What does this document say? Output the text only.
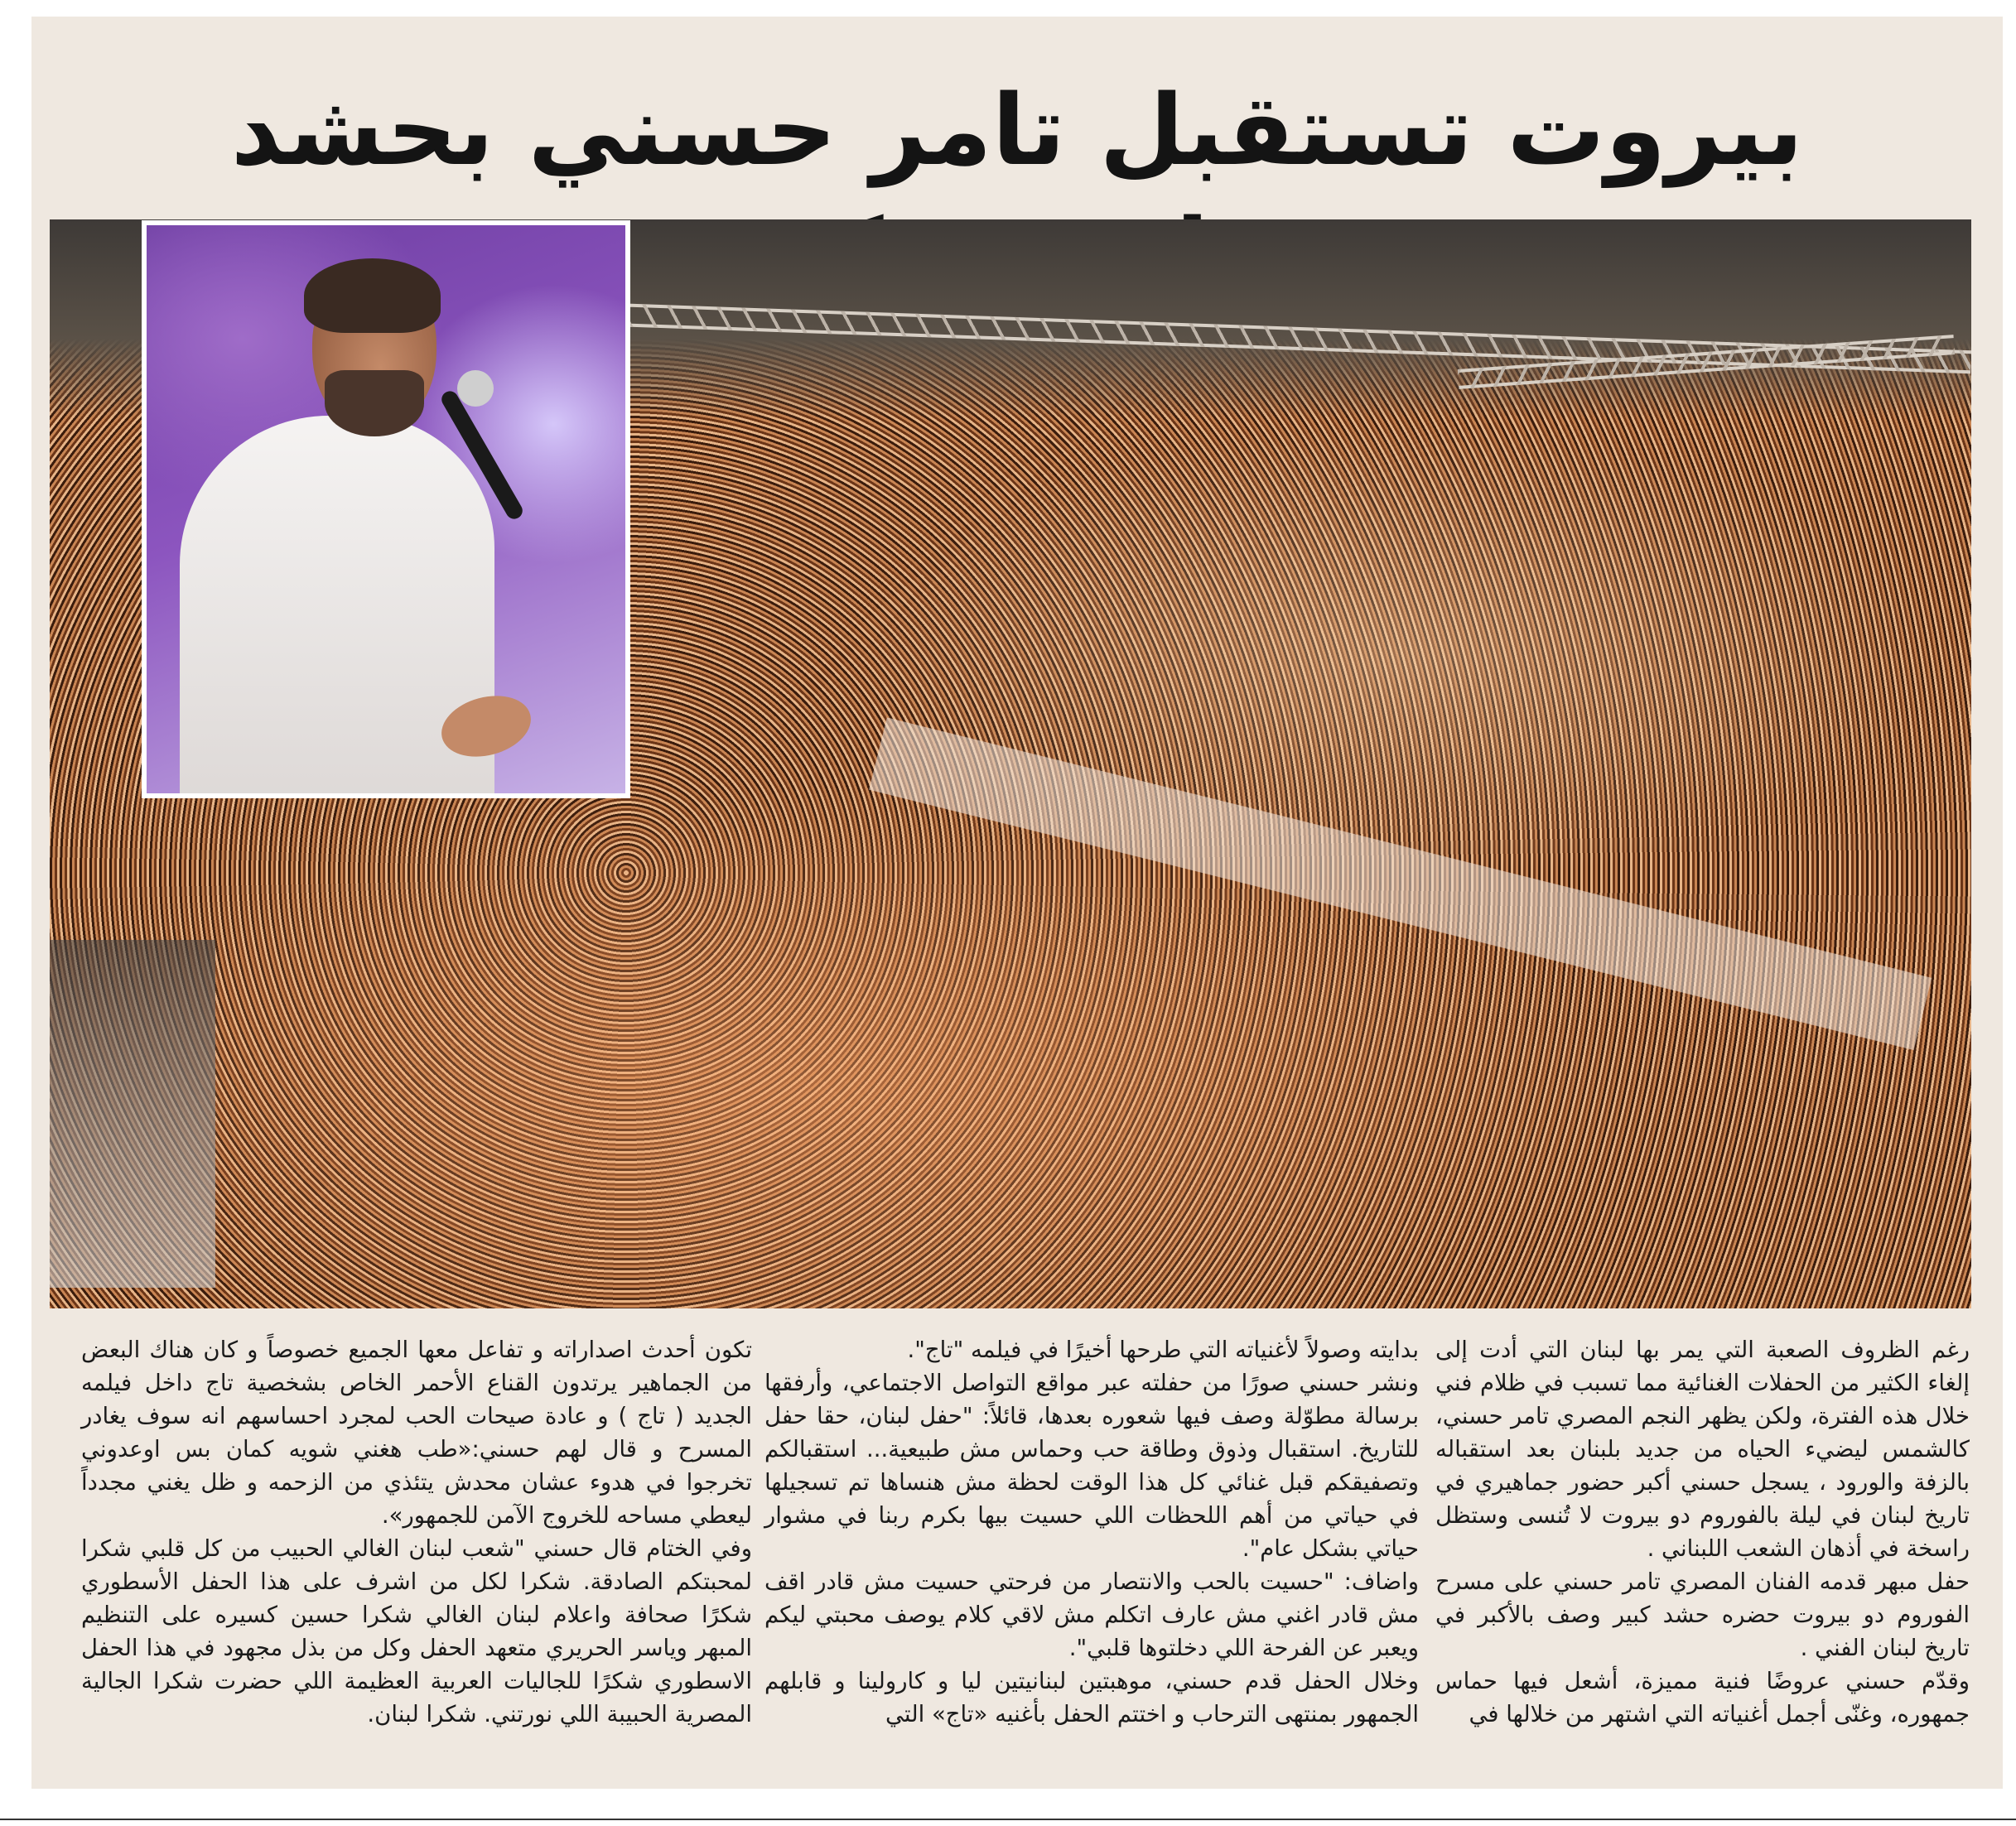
بيروت تستقبل تامر حسني بحشد

رغم الظروف الصعبة التي يمر بها لبنان التي أدت إلى إلغاء الكثير من الحفلات الغنائية مما تسبب في ظلام فني خلال هذه الفترة، ولكن يظهر النجم المصري تامر حسني، كالشمس ليضيء الحياه من جديد بلبنان بعد استقباله بالزفة والورود ، يسجل حسني أكبر حضور جماهيري في تاريخ لبنان في ليلة بالفوروم دو بيروت لا تُنسى وستظل راسخة في أذهان الشعب اللبناني .

حفل مبهر قدمه الفنان المصري تامر حسني على مسرح الفوروم دو بيروت حضره حشد كبير وصف بالأكبر في تاريخ لبنان الفني .

وقدّم حسني عروضًا فنية مميزة، أشعل فيها حماس جمهوره، وغنّى أجمل أغنياته التي اشتهر من خلالها في

بدايته وصولاً لأغنياته التي طرحها أخيرًا في فيلمه "تاج".

ونشر حسني صورًا من حفلته عبر مواقع التواصل الاجتماعي، وأرفقها برسالة مطوّلة وصف فيها شعوره بعدها، قائلاً: "حفل لبنان، حقا حفل للتاريخ. استقبال وذوق وطاقة حب وحماس مش طبيعية... استقبالكم وتصفيقكم قبل غنائي كل هذا الوقت لحظة مش هنساها تم تسجيلها في حياتي من أهم اللحظات اللي حسيت بيها بكرم ربنا في مشوار حياتي بشكل عام".

واضاف: "حسيت بالحب والانتصار من فرحتي حسيت مش قادر اقف مش قادر اغني مش عارف اتكلم مش لاقي كلام يوصف محبتي ليكم ويعبر عن الفرحة اللي دخلتوها قلبي".

وخلال الحفل قدم حسني، موهبتين لبنانيتين ليا و كارولينا و قابلهم الجمهور بمنتهى الترحاب و اختتم الحفل بأغنيه «تاج» التي

تكون أحدث اصداراته و تفاعل معها الجميع خصوصاً و كان هناك البعض من الجماهير يرتدون القناع الأحمر الخاص بشخصية تاج داخل فيلمه الجديد ( تاج ) و عادة صيحات الحب لمجرد احساسهم انه سوف يغادر المسرح و قال لهم حسني:«طب هغني شويه كمان بس اوعدوني تخرجوا في هدوء عشان محدش يتئذي من الزحمه و ظل يغني مجدداً ليعطي مساحه للخروج الآمن للجمهور».

وفي الختام قال حسني "شعب لبنان الغالي الحبيب من كل قلبي شكرا لمحبتكم الصادقة. شكرا لكل من اشرف على هذا الحفل الأسطوري شكرًا صحافة واعلام لبنان الغالي شكرا حسين كسيره على التنظيم المبهر وياسر الحريري متعهد الحفل وكل من بذل مجهود في هذا الحفل الاسطوري شكرًا للجاليات العربية العظيمة اللي حضرت شكرا الجالية المصرية الحبيبة اللي نورتني. شكرا لبنان.
